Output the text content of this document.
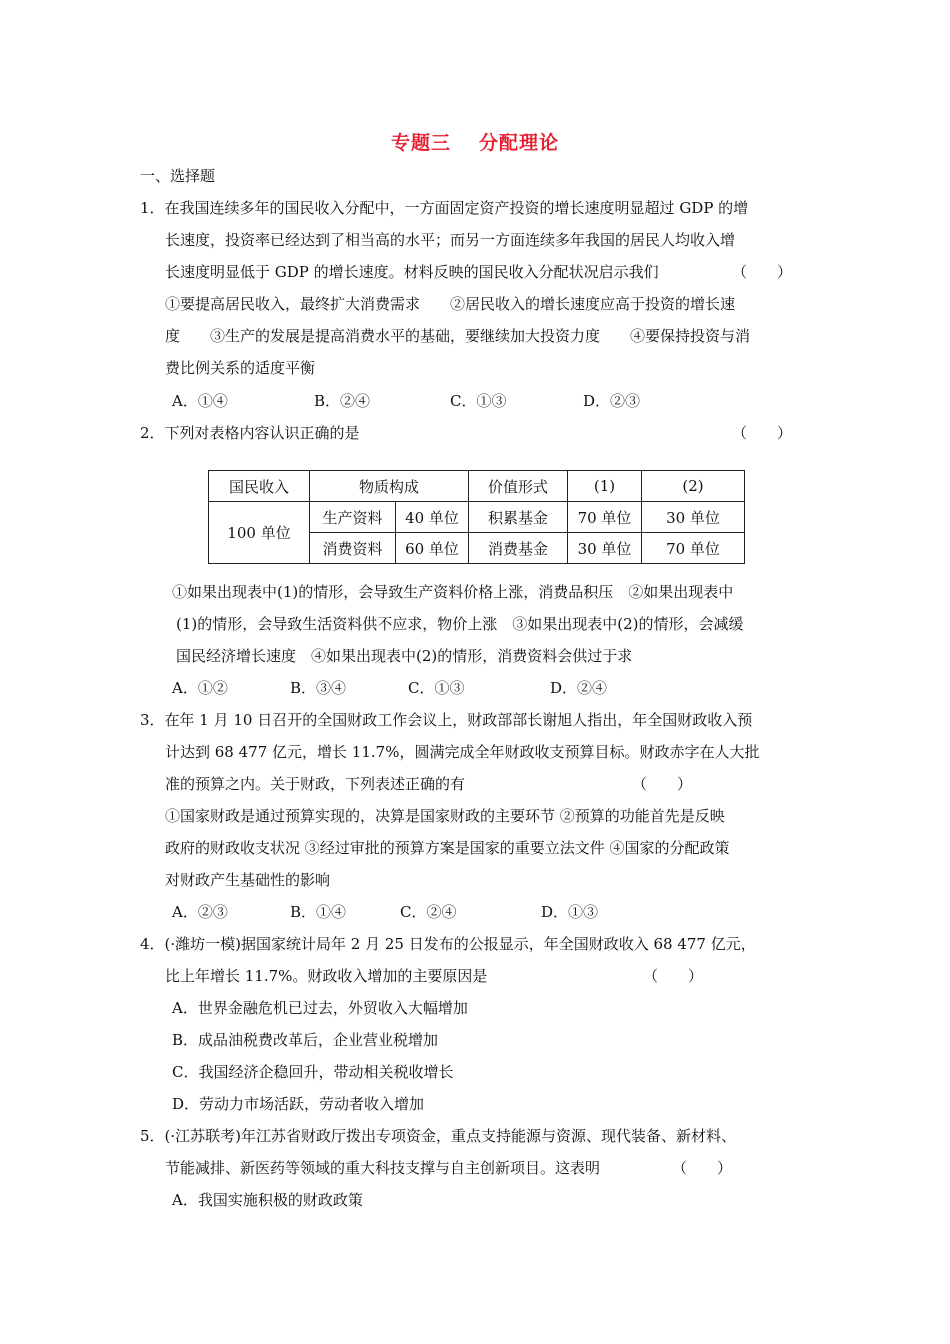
专题三 分配理论
一、选择题
1．在我国连续多年的国民收入分配中，一方面固定资产投资的增长速度明显超过 GDP 的增
长速度，投资率已经达到了相当高的水平；而另一方面连续多年我国的居民人均收入增
长速度明显低于 GDP 的增长速度。材料反映的国民收入分配状况启示我们	（　　）
①要提高居民收入，最终扩大消费需求　　②居民收入的增长速度应高于投资的增长速
度　　③生产的发展是提高消费水平的基础，要继续加大投资力度　　④要保持投资与消
费比例关系的适度平衡
A．①④	B．②④	C．①③	D．②③
2．下列对表格内容认识正确的是	（　　）
国民收入	物质构成		价值形式	(1)	(2)
100 单位	生产资料	40 单位	积累基金	70 单位	30 单位
	消费资料	60 单位	消费基金	30 单位	70 单位
①如果出现表中(1)的情形，会导致生产资料价格上涨，消费品积压　②如果出现表中
(1)的情形，会导致生活资料供不应求，物价上涨　③如果出现表中(2)的情形，会减缓
国民经济增长速度　④如果出现表中(2)的情形，消费资料会供过于求
A．①②	B．③④	C．①③	D．②④
3．在年 1 月 10 日召开的全国财政工作会议上，财政部部长谢旭人指出，年全国财政收入预
计达到 68 477 亿元，增长 11.7%，圆满完成全年财政收支预算目标。财政赤字在人大批
准的预算之内。关于财政，下列表述正确的有	（　　）
①国家财政是通过预算实现的，决算是国家财政的主要环节 ②预算的功能首先是反映
政府的财政收支状况 ③经过审批的预算方案是国家的重要立法文件 ④国家的分配政策
对财政产生基础性的影响
A．②③	B．①④	C．②④	D．①③
4．(·潍坊一模)据国家统计局年 2 月 25 日发布的公报显示，年全国财政收入 68 477 亿元，
比上年增长 11.7%。财政收入增加的主要原因是	（　　）
A．世界金融危机已过去，外贸收入大幅增加
B．成品油税费改革后，企业营业税增加
C．我国经济企稳回升，带动相关税收增长
D．劳动力市场活跃，劳动者收入增加
5．(·江苏联考)年江苏省财政厅拨出专项资金，重点支持能源与资源、现代装备、新材料、
节能减排、新医药等领域的重大科技支撑与自主创新项目。这表明	（　　）
A．我国实施积极的财政政策
